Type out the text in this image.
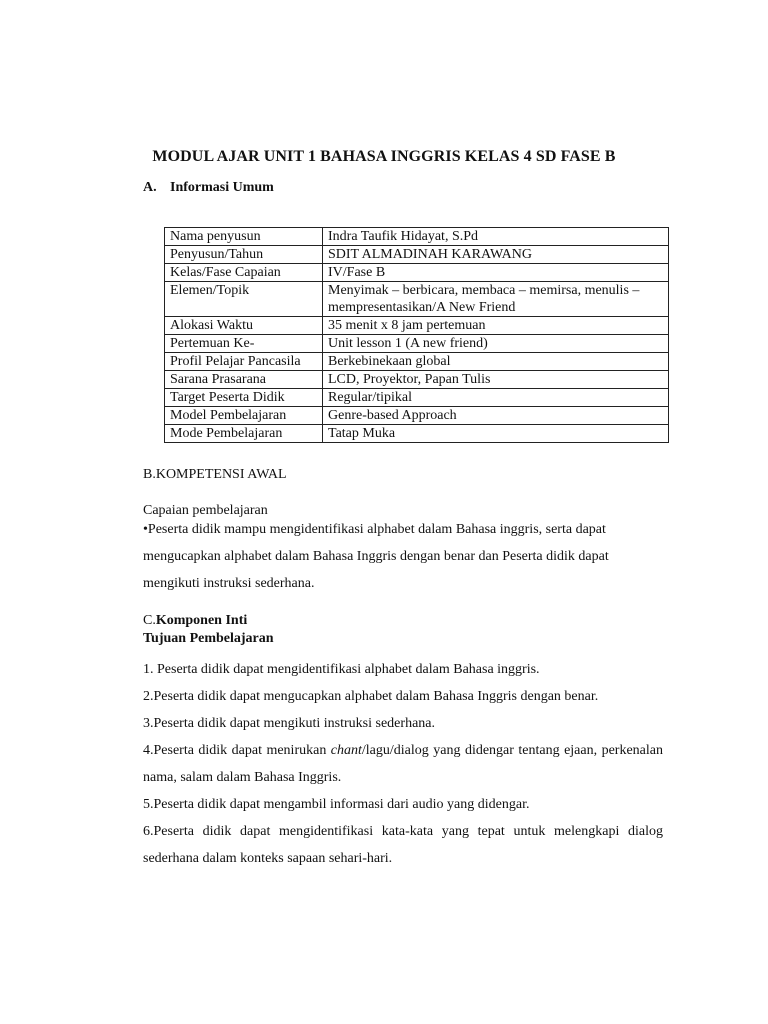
MODUL AJAR UNIT 1 BAHASA INGGRIS KELAS 4 SD FASE B
A. Informasi Umum
Nama penyusun	Indra Taufik Hidayat, S.Pd
Penyusun/Tahun	SDIT ALMADINAH KARAWANG
Kelas/Fase Capaian	IV/Fase B
Elemen/Topik	Menyimak – berbicara, membaca – memirsa, menulis – mempresentasikan/A New Friend
Alokasi Waktu	35 menit x 8 jam pertemuan
Pertemuan Ke-	Unit lesson 1 (A new friend)
Profil Pelajar Pancasila	Berkebinekaan global
Sarana Prasarana	LCD, Proyektor, Papan Tulis
Target Peserta Didik	Regular/tipikal
Model Pembelajaran	Genre-based Approach
Mode Pembelajaran	Tatap Muka
B.KOMPETENSI AWAL
Capaian pembelajaran
•Peserta didik mampu mengidentifikasi alphabet dalam Bahasa inggris, serta dapat mengucapkan alphabet dalam Bahasa Inggris dengan benar dan Peserta didik dapat mengikuti instruksi sederhana.
C.Komponen Inti
Tujuan Pembelajaran
1. Peserta didik dapat mengidentifikasi alphabet dalam Bahasa inggris.
2.Peserta didik dapat mengucapkan alphabet dalam Bahasa Inggris dengan benar.
3.Peserta didik dapat mengikuti instruksi sederhana.
4.Peserta didik dapat menirukan chant/lagu/dialog yang didengar tentang ejaan, perkenalan nama, salam dalam Bahasa Inggris.
5.Peserta didik dapat mengambil informasi dari audio yang didengar.
6.Peserta didik dapat mengidentifikasi kata-kata yang tepat untuk melengkapi dialog sederhana dalam konteks sapaan sehari-hari.
